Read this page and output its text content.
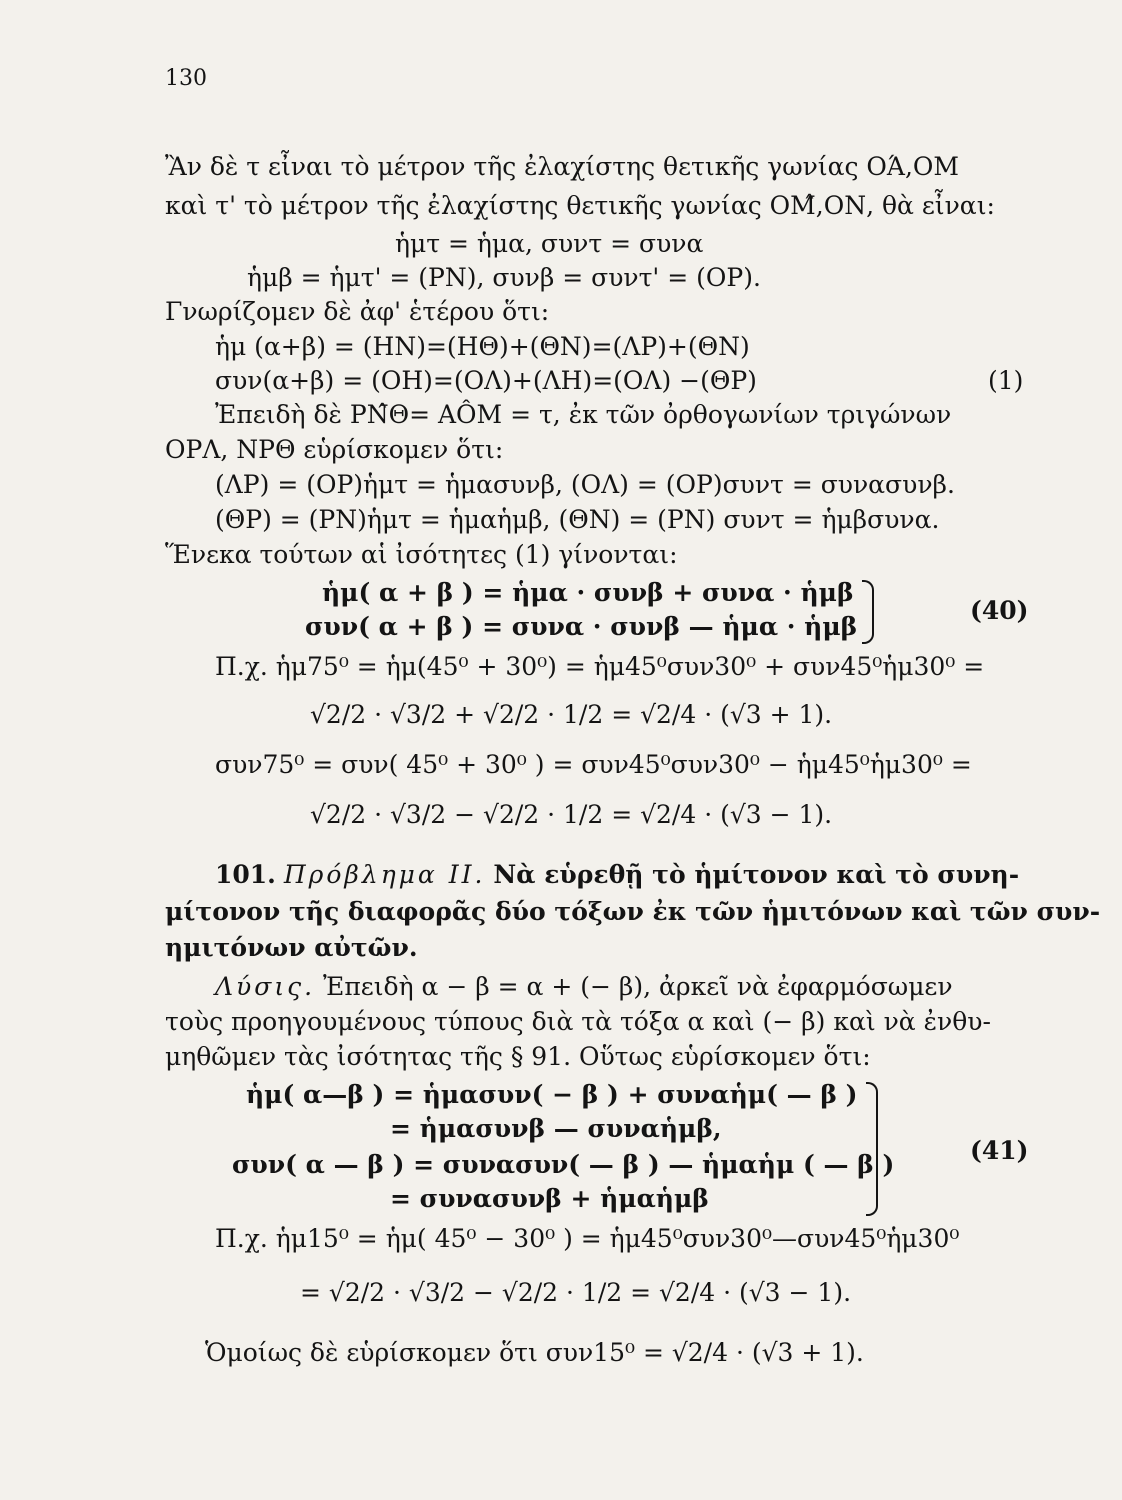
130
Ἂν δὲ τ εἶναι τὸ μέτρον τῆς ἐλαχίστης θετικῆς γωνίας ΟΆ,ΟΜ
καὶ τ' τὸ μέτρον τῆς ἐλαχίστης θετικῆς γωνίας ΟΜ̂,ΟΝ, θὰ εἶναι:
ἡμτ = ἡμα, συντ = συνα
ἡμβ = ἡμτ' = (ΡΝ), συνβ = συντ' = (ΟΡ).
Γνωρίζομεν δὲ ἀφ' ἑτέρου ὅτι:
ἡμ (α+β) = (ΗΝ)=(ΗΘ)+(ΘΝ)=(ΛΡ)+(ΘΝ)
συν(α+β) = (ΟΗ)=(ΟΛ)+(ΛΗ)=(ΟΛ) −(ΘΡ)	(1)
Ἐπειδὴ δὲ ΡΝ̂Θ= ΑÔΜ = τ, ἐκ τῶν ὀρθογωνίων τριγώνων
ΟΡΛ, ΝΡΘ εὑρίσκομεν ὅτι:
(ΛΡ) = (ΟΡ)ἡμτ = ἡμασυνβ, (ΟΛ) = (ΟΡ)συντ = συνασυνβ.
(ΘΡ) = (ΡΝ)ἡμτ = ἡμαἡμβ, (ΘΝ) = (ΡΝ) συντ = ἡμβσυνα.
Ἕνεκα τούτων αἱ ἰσότητες (1) γίνονται:
ἡμ( α + β ) = ἡμα · συνβ + συνα · ἡμβ
συν( α + β ) = συνα · συνβ — ἡμα · ἡμβ
(40)
Π.χ. ἡμ75⁰ = ἡμ(45⁰ + 30⁰) = ἡμ45⁰συν30⁰ + συν45⁰ἡμ30⁰ =
√2/2 · √3/2 + √2/2 · 1/2 = √2/4 · (√3 + 1).
συν75⁰ = συν( 45⁰ + 30⁰ ) = συν45⁰συν30⁰ − ἡμ45⁰ἡμ30⁰ =
√2/2 · √3/2 − √2/2 · 1/2 = √2/4 · (√3 − 1).
101. Πρόβλημα ΙΙ. Νὰ εὑρεθῇ τὸ ἡμίτονον καὶ τὸ συνη-
μίτονον τῆς διαφορᾶς δύο τόξων ἐκ τῶν ἡμιτόνων καὶ τῶν συν-
ημιτόνων αὐτῶν.
Λύσις. Ἐπειδὴ α − β = α + (− β), ἀρκεῖ νὰ ἐφαρμόσωμεν
τοὺς προηγουμένους τύπους διὰ τὰ τόξα α καὶ (− β) καὶ νὰ ἐνθυ-
μηθῶμεν τὰς ἰσότητας τῆς § 91. Οὕτως εὑρίσκομεν ὅτι:
ἡμ( α—β ) = ἡμασυν( − β ) + συναἡμ( — β )
= ἡμασυνβ — συναἡμβ,
συν( α — β ) = συνασυν( — β ) — ἡμαἡμ ( — β )
= συνασυνβ + ἡμαἡμβ
(41)
Π.χ. ἡμ15⁰ = ἡμ( 45⁰ − 30⁰ ) = ἡμ45⁰συν30⁰—συν45⁰ἡμ30⁰
= √2/2 · √3/2 − √2/2 · 1/2 = √2/4 · (√3 − 1).
Ὁμοίως δὲ εὑρίσκομεν ὅτι συν15⁰ = √2/4 · (√3 + 1).
